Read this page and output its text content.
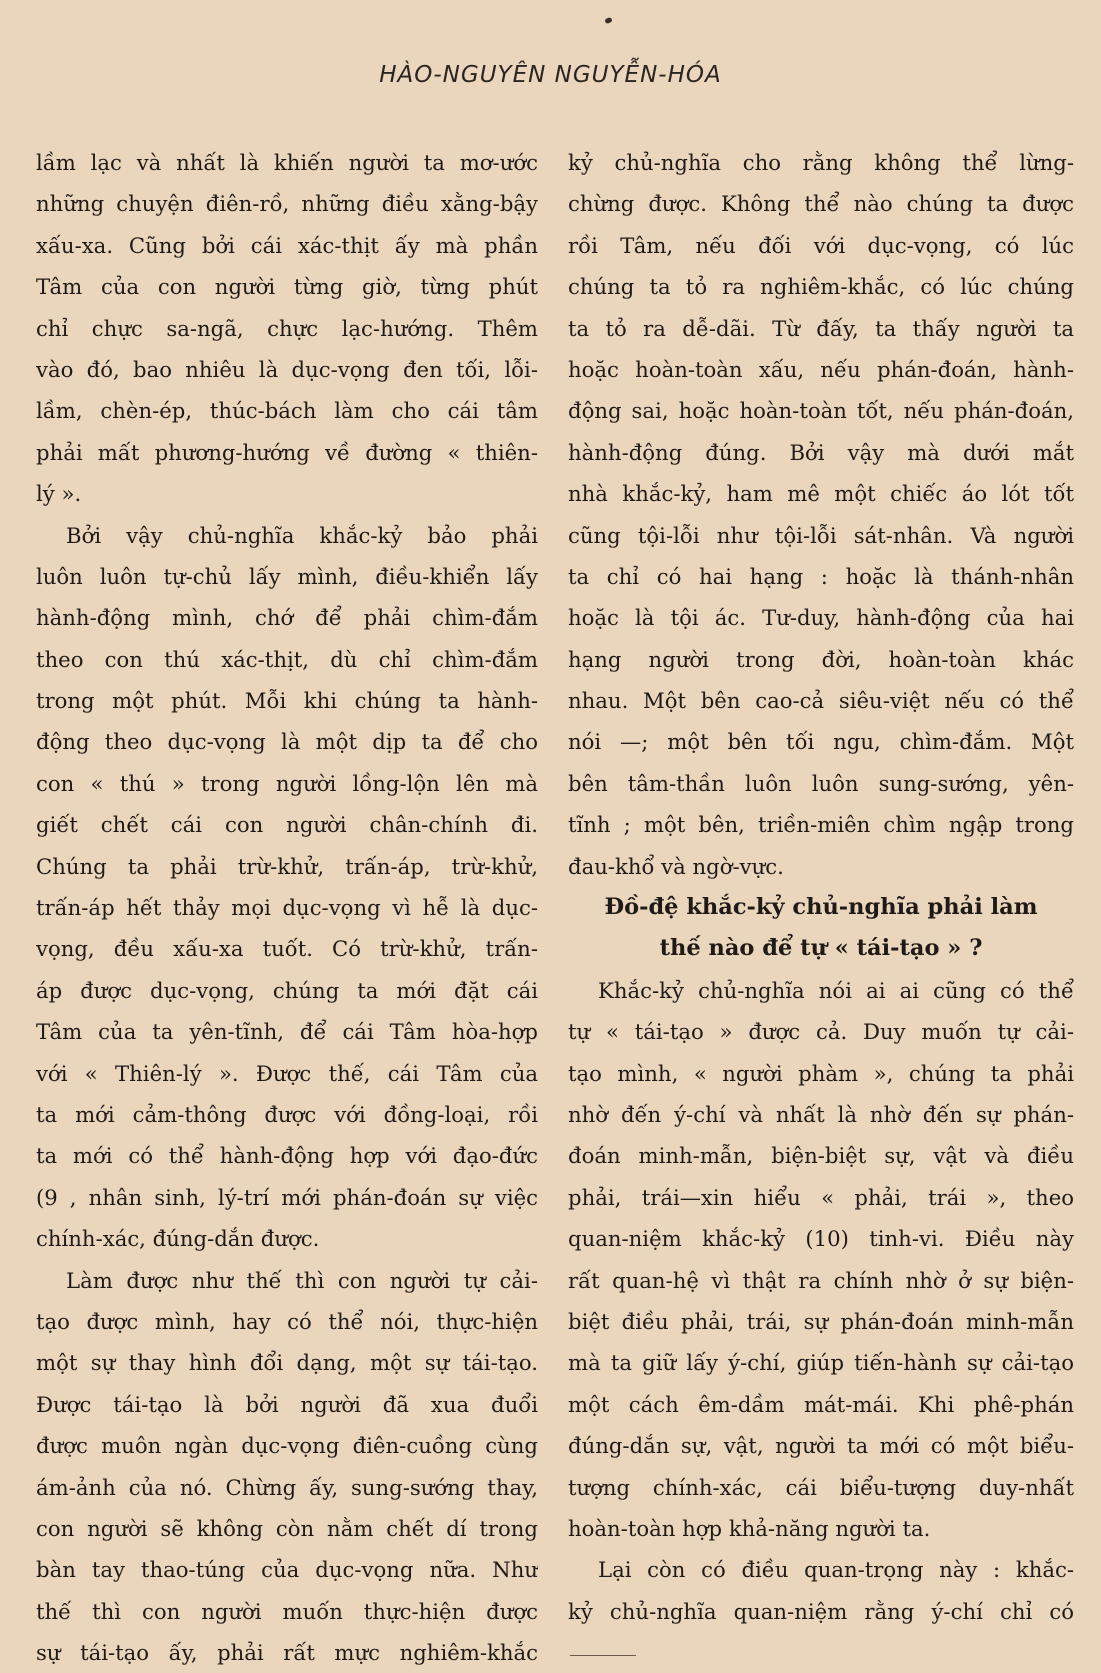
HÀO-NGUYÊN NGUYỄN-HÓA
lầm lạc và nhất là khiến người ta mơ-ước
những chuyện điên-rồ, những điều xằng-bậy
xấu-xa. Cũng bởi cái xác-thịt ấy mà phần
Tâm của con người từng giờ, từng phút
chỉ chực sa-ngã, chực lạc-hướng. Thêm
vào đó, bao nhiêu là dục-vọng đen tối, lỗi-
lầm, chèn-ép, thúc-bách làm cho cái tâm
phải mất phương-hướng về đường « thiên-
lý ».
Bởi vậy chủ-nghĩa khắc-kỷ bảo phải
luôn luôn tự-chủ lấy mình, điều-khiển lấy
hành-động mình, chớ để phải chìm-đắm
theo con thú xác-thịt, dù chỉ chìm-đắm
trong một phút. Mỗi khi chúng ta hành-
động theo dục-vọng là một dịp ta để cho
con « thú » trong người lồng-lộn lên mà
giết chết cái con người chân-chính đi.
Chúng ta phải trừ-khử, trấn-áp, trừ-khử,
trấn-áp hết thảy mọi dục-vọng vì hễ là dục-
vọng, đều xấu-xa tuốt. Có trừ-khử, trấn-
áp được dục-vọng, chúng ta mới đặt cái
Tâm của ta yên-tĩnh, để cái Tâm hòa-hợp
với « Thiên-lý ». Được thế, cái Tâm của
ta mới cảm-thông được với đồng-loại, rồi
ta mới có thể hành-động hợp với đạo-đức
(9 , nhân sinh, lý-trí mới phán-đoán sự việc
chính-xác, đúng-dắn được.
Làm được như thế thì con người tự cải-
tạo được mình, hay có thể nói, thực-hiện
một sự thay hình đổi dạng, một sự tái-tạo.
Được tái-tạo là bởi người đã xua đuổi
được muôn ngàn dục-vọng điên-cuồng cùng
ám-ảnh của nó. Chừng ấy, sung-sướng thay,
con người sẽ không còn nằm chết dí trong
bàn tay thao-túng của dục-vọng nữa. Như
thế thì con người muốn thực-hiện được
sự tái-tạo ấy, phải rất mực nghiêm-khắc
kỷ chủ-nghĩa cho rằng không thể lừng-
chừng được. Không thể nào chúng ta được
rồi Tâm, nếu đối với dục-vọng, có lúc
chúng ta tỏ ra nghiêm-khắc, có lúc chúng
ta tỏ ra dễ-dãi. Từ đấy, ta thấy người ta
hoặc hoàn-toàn xấu, nếu phán-đoán, hành-
động sai, hoặc hoàn-toàn tốt, nếu phán-đoán,
hành-động đúng. Bởi vậy mà dưới mắt
nhà khắc-kỷ, ham mê một chiếc áo lót tốt
cũng tội-lỗi như tội-lỗi sát-nhân. Và người
ta chỉ có hai hạng : hoặc là thánh-nhân
hoặc là tội ác. Tư-duy, hành-động của hai
hạng người trong đời, hoàn-toàn khác
nhau. Một bên cao-cả siêu-việt nếu có thể
nói —; một bên tối ngu, chìm-đắm. Một
bên tâm-thần luôn luôn sung-sướng, yên-
tĩnh ; một bên, triền-miên chìm ngập trong
đau-khổ và ngờ-vực.
Đồ-đệ khắc-kỷ chủ-nghĩa phải làm
thế nào để tự « tái-tạo » ?
Khắc-kỷ chủ-nghĩa nói ai ai cũng có thể
tự « tái-tạo » được cả. Duy muốn tự cải-
tạo mình, « người phàm », chúng ta phải
nhờ đến ý-chí và nhất là nhờ đến sự phán-
đoán minh-mẫn, biện-biệt sự, vật và điều
phải, trái—xin hiểu « phải, trái », theo
quan-niệm khắc-kỷ (10) tinh-vi. Điều này
rất quan-hệ vì thật ra chính nhờ ở sự biện-
biệt điều phải, trái, sự phán-đoán minh-mẫn
mà ta giữ lấy ý-chí, giúp tiến-hành sự cải-tạo
một cách êm-dầm mát-mái. Khi phê-phán
đúng-dắn sự, vật, người ta mới có một biểu-
tượng chính-xác, cái biểu-tượng duy-nhất
hoàn-toàn hợp khả-năng người ta.
Lại còn có điều quan-trọng này : khắc-
kỷ chủ-nghĩa quan-niệm rằng ý-chí chỉ có
